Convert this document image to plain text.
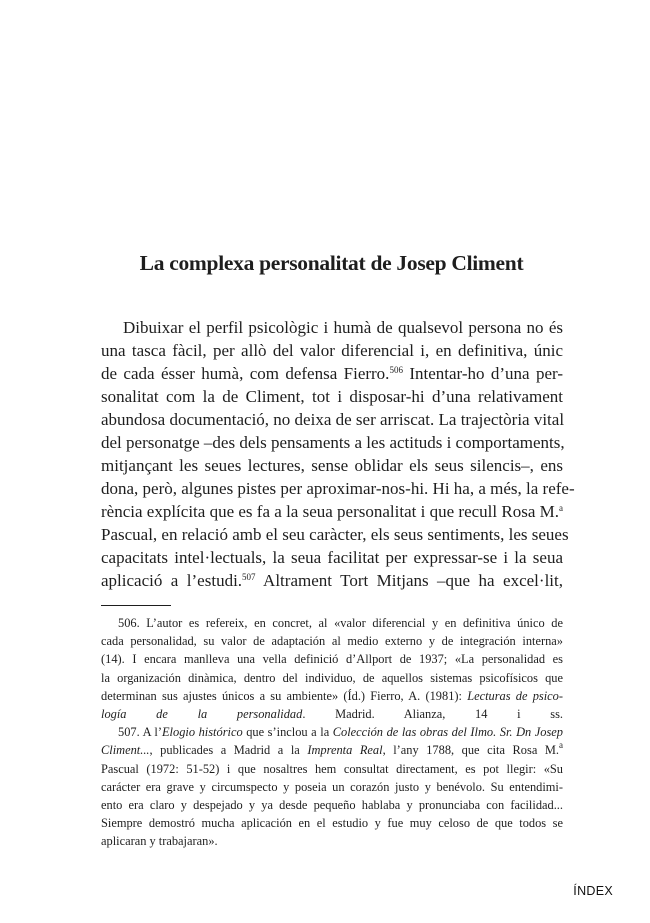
La complexa personalitat de Josep Climent
Dibuixar el perfil psicològic i humà de qualsevol persona no és
una tasca fàcil, per allò del valor diferencial i, en definitiva, únic
de cada ésser humà, com defensa Fierro.$^{506}$ Intentar-ho d’una per-
sonalitat com la de Climent, tot i disposar-hi d’una relativament
abundosa documentació, no deixa de ser arriscat. La trajectòria vital
del personatge –des dels pensaments a les actituds i comportaments,
mitjançant les seues lectures, sense oblidar els seus silencis–, ens
dona, però, algunes pistes per aproximar-nos-hi. Hi ha, a més, la refe-
rència explícita que es fa a la seua personalitat i que recull Rosa M.$^a$
Pascual, en relació amb el seu caràcter, els seus sentiments, les seues
capacitats intel·lectuals, la seua facilitat per expressar-se i la seua
aplicació a l’estudi.$^{507}$ Altrament Tort Mitjans –que ha excel·lit,
506. L’autor es refereix, en concret, al «valor diferencial y en definitiva único de
cada personalidad, su valor de adaptación al medio externo y de integración interna»
(14). I encara manlleva una vella definició d’Allport de 1937; «La personalidad es
la organización dinàmica, dentro del individuo, de aquellos sistemas psicofísicos que
determinan sus ajustes únicos a su ambiente» (Íd.) Fierro, A. (1981): Lecturas de psico-
logía de la personalidad. Madrid. Alianza, 14 i ss.
507. A l’Elogio histórico que s’inclou a la Colección de las obras del Ilmo. Sr. Dn Josep
Climent..., publicades a Madrid a la Imprenta Real, l’any 1788, que cita Rosa M.$^a$
Pascual (1972: 51-52) i que nosaltres hem consultat directament, es pot llegir: «Su
carácter era grave y circumspecto y poseia un corazón justo y benévolo. Su entendimi-
ento era claro y despejado y ya desde pequeño hablaba y pronunciaba con facilidad...
Siempre demostró mucha aplicación en el estudio y fue muy celoso de que todos se
aplicaran y trabajaran».
ÍNDEX
